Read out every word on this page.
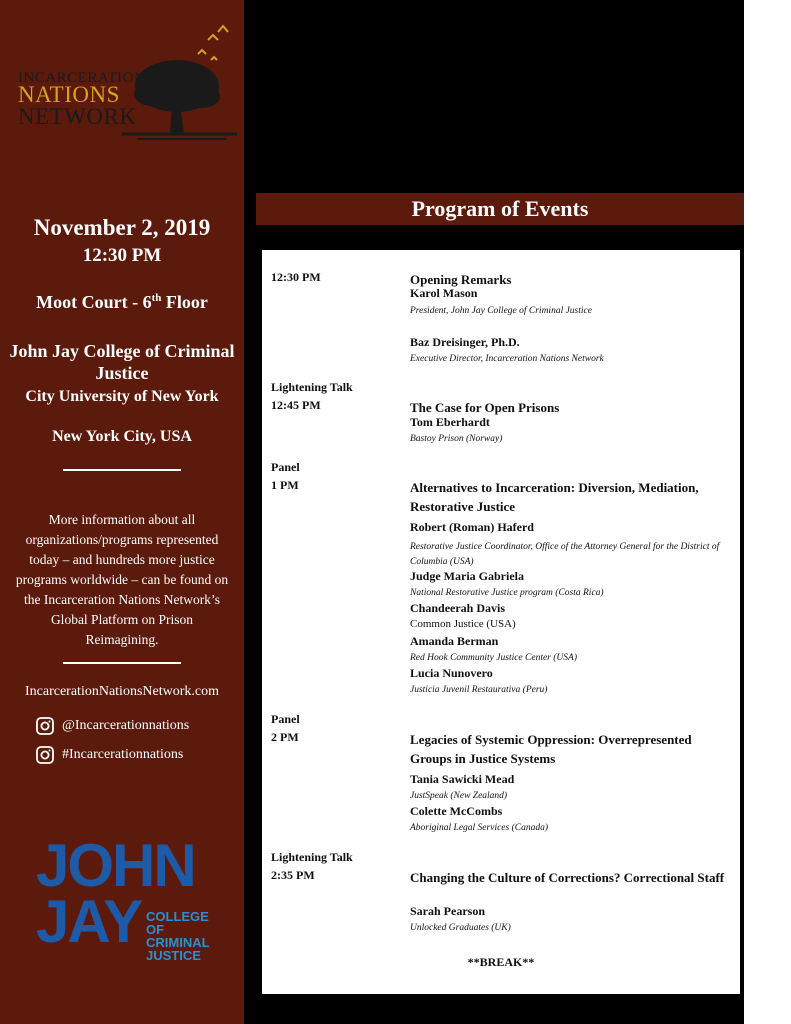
INCARCERATION
NATIONS
NETWORK
November 2, 2019
12:30 PM
Moot Court - 6th Floor
John Jay College of Criminal Justice
City University of New York
New York City, USA
More information about all organizations/programs represented today – and hundreds more justice programs worldwide – can be found on the Incarceration Nations Network’s Global Platform on Prison Reimagining.
IncarcerationNationsNetwork.com
@Incarcerationnations
#Incarcerationnations
JOHN JAY COLLEGE OF CRIMINAL JUSTICE
Program of Events
12:30 PM	Opening Remarks
Karol Mason
President, John Jay College of Criminal Justice
Baz Dreisinger, Ph.D.
Executive Director, Incarceration Nations Network
Lightening Talk
12:45 PM	The Case for Open Prisons
Tom Eberhardt
Bastoy Prison (Norway)
Panel
1 PM	Alternatives to Incarceration: Diversion, Mediation, Restorative Justice
Robert (Roman) Haferd
Restorative Justice Coordinator, Office of the Attorney General for the District of Columbia (USA)
Judge Maria Gabriela
National Restorative Justice program (Costa Rica)
Chandeerah Davis
Common Justice (USA)
Amanda Berman
Red Hook Community Justice Center (USA)
Lucia Nunovero
Justicia Juvenil Restaurativa (Peru)
Panel
2 PM	Legacies of Systemic Oppression: Overrepresented Groups in Justice Systems
Tania Sawicki Mead
JustSpeak (New Zealand)
Colette McCombs
Aboriginal Legal Services (Canada)
Lightening Talk
2:35 PM	Changing the Culture of Corrections? Correctional Staff
Sarah Pearson
Unlocked Graduates (UK)
**BREAK**
